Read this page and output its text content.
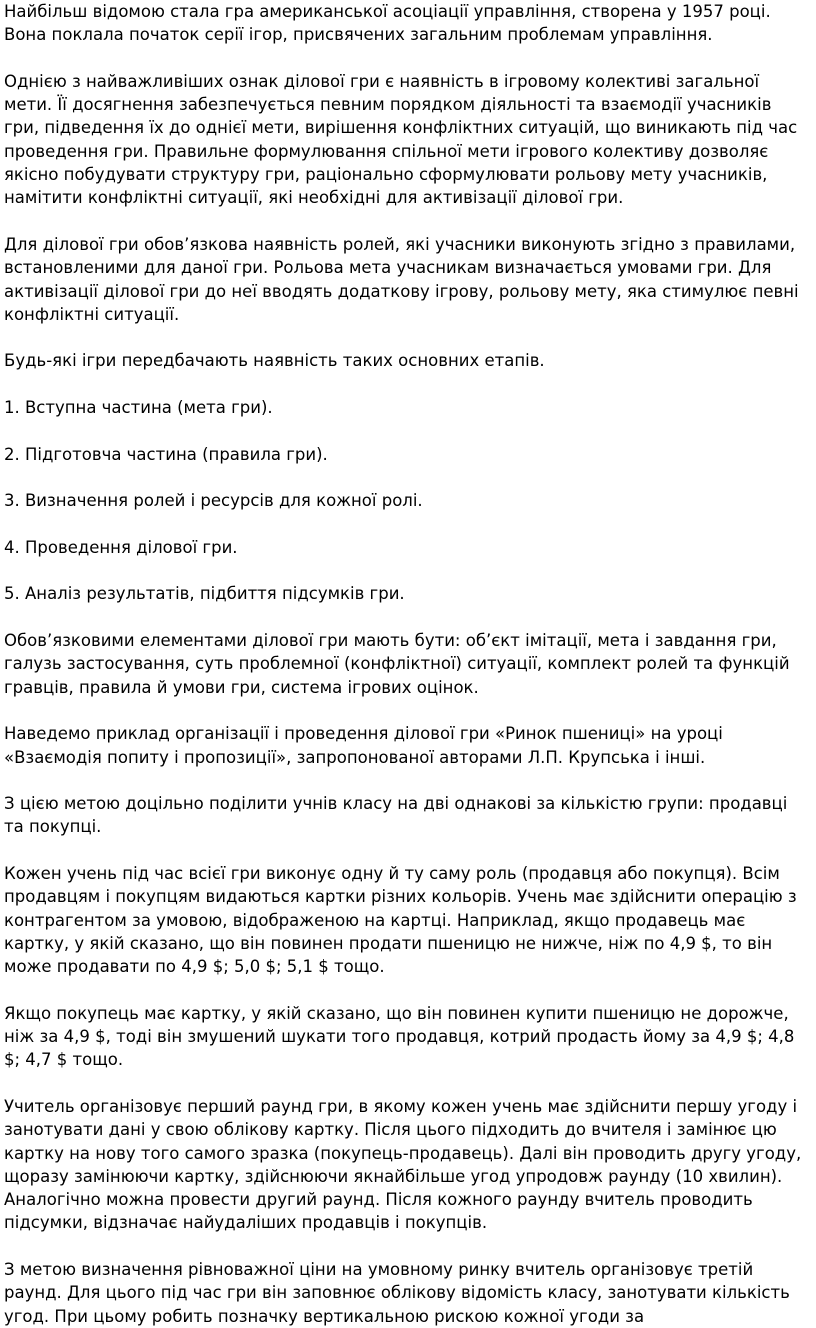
Найбільш відомою стала гра американської асоціації управління, створена у 1957 році. Вона поклала початок серії ігор, присвячених загальним проблемам управління.

Однією з найважливіших ознак ділової гри є наявність в ігровому колективі загальної мети. Її досягнення забезпечується певним порядком діяльності та взаємодії учасників гри, підведення їх до однієї мети, вирішення конфліктних ситуацій, що виникають під час проведення гри. Правильне формулювання спільної мети ігрового колективу дозволяє якісно побудувати структуру гри, раціонально сформулювати рольову мету учасників, намітити конфліктні ситуації, які необхідні для активізації ділової гри.

Для ділової гри обов’язкова наявність ролей, які учасники виконують згідно з правилами, встановленими для даної гри. Рольова мета учасникам визначається умовами гри. Для активізації ділової гри до неї вводять додаткову ігрову, рольову мету, яка стимулює певні конфліктні ситуації.

Будь-які ігри передбачають наявність таких основних етапів.

1. Вступна частина (мета гри).

2. Підготовча частина (правила гри).

3. Визначення ролей і ресурсів для кожної ролі.

4. Проведення ділової гри.

5. Аналіз результатів, підбиття підсумків гри.

Обов’язковими елементами ділової гри мають бути: об’єкт імітації, мета і завдання гри, галузь застосування, суть проблемної (конфліктної) ситуації, комплект ролей та функцій гравців, правила й умови гри, система ігрових оцінок.

Наведемо приклад організації і проведення ділової гри «Ринок пшениці» на уроці «Взаємодія попиту і пропозиції», запропонованої авторами Л.П. Крупська і інші.

З цією метою доцільно поділити учнів класу на дві однакові за кількістю групи: продавці та покупці.

Кожен учень під час всієї гри виконує одну й ту саму роль (продавця або покупця). Всім продавцям і покупцям видаються картки різних кольорів. Учень має здійснити операцію з контрагентом за умовою, відображеною на картці. Наприклад, якщо продавець має картку, у якій сказано, що він повинен продати пшеницю не нижче, ніж по 4,9 $, то він може продавати по 4,9 $; 5,0 $; 5,1 $ тощо.

Якщо покупець має картку, у якій сказано, що він повинен купити пшеницю не дорожче, ніж за 4,9 $, тоді він змушений шукати того продавця, котрий продасть йому за 4,9 $; 4,8 $; 4,7 $ тощо.

Учитель організовує перший раунд гри, в якому кожен учень має здійснити першу угоду і занотувати дані у свою облікову картку. Після цього підходить до вчителя і замінює цю картку на нову того самого зразка (покупець-продавець). Далі він проводить другу угоду, щоразу замінюючи картку, здійснюючи якнайбільше угод упродовж раунду (10 хвилин). Аналогічно можна провести другий раунд. Після кожного раунду вчитель проводить підсумки, відзначає найудаліших продавців і покупців.

З метою визначення рівноважної ціни на умовному ринку вчитель організовує третій раунд. Для цього під час гри він заповнює облікову відомість класу, занотувати кількість угод. При цьому робить позначку вертикальною рискою кожної угоди за
